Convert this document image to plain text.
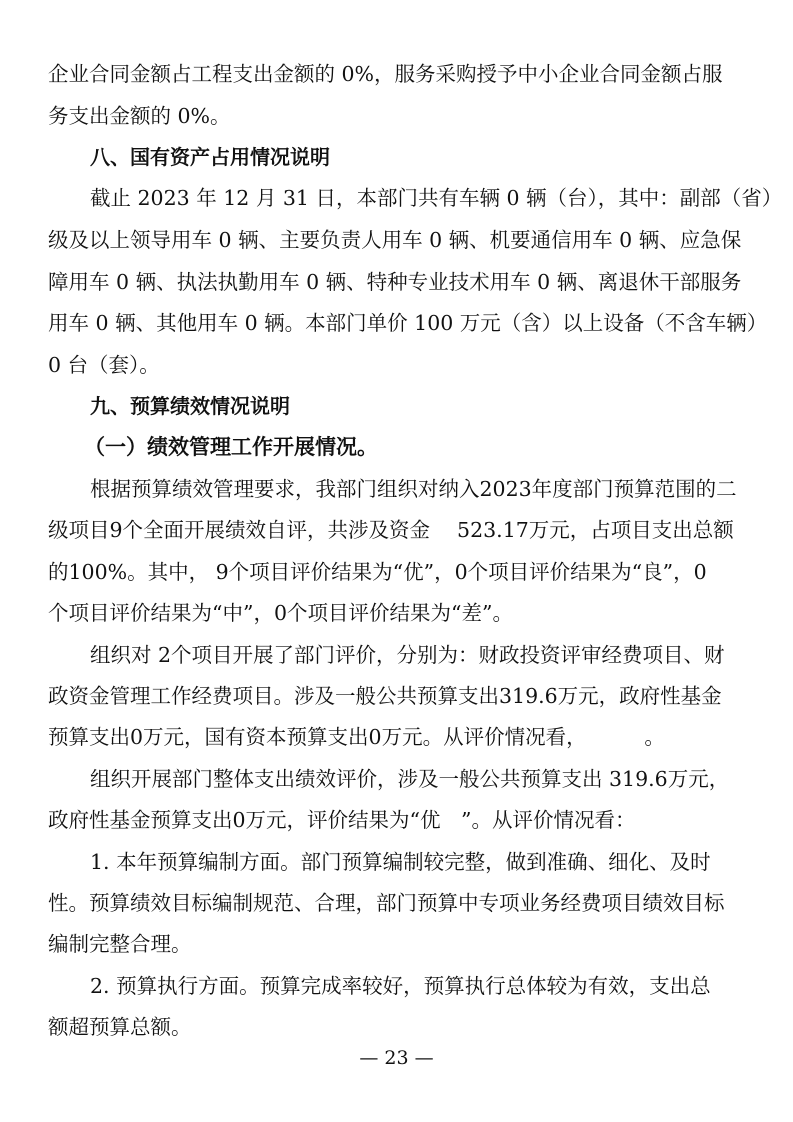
企业合同金额占工程支出金额的 0%，服务采购授予中小企业合同金额占服
务支出金额的 0%。
八、国有资产占用情况说明
截止 2023 年 12 月 31 日，本部门共有车辆 0 辆（台），其中：副部（省）
级及以上领导用车 0 辆、主要负责人用车 0 辆、机要通信用车 0 辆、应急保
障用车 0 辆、执法执勤用车 0 辆、特种专业技术用车 0 辆、离退休干部服务
用车 0 辆、其他用车 0 辆。本部门单价 100 万元（含）以上设备（不含车辆）
0 台（套）。
九、预算绩效情况说明
（一）绩效管理工作开展情况。
根据预算绩效管理要求，我部门组织对纳入2023年度部门预算范围的二
级项目9个全面开展绩效自评，共涉及资金　 523.17万元，占项目支出总额
的100%。其中， 9个项目评价结果为“优”，0个项目评价结果为“良”，0
个项目评价结果为“中”，0个项目评价结果为“差”。
组织对 2个项目开展了部门评价，分别为：财政投资评审经费项目、财
政资金管理工作经费项目。涉及一般公共预算支出319.6万元，政府性基金
预算支出0万元，国有资本预算支出0万元。从评价情况看，　　　 。
组织开展部门整体支出绩效评价，涉及一般公共预算支出 319.6万元，
政府性基金预算支出0万元，评价结果为“优　”。从评价情况看：
1. 本年预算编制方面。部门预算编制较完整，做到准确、细化、及时
性。预算绩效目标编制规范、合理，部门预算中专项业务经费项目绩效目标
编制完整合理。
2. 预算执行方面。预算完成率较好，预算执行总体较为有效，支出总
额超预算总额。
— 23 —
